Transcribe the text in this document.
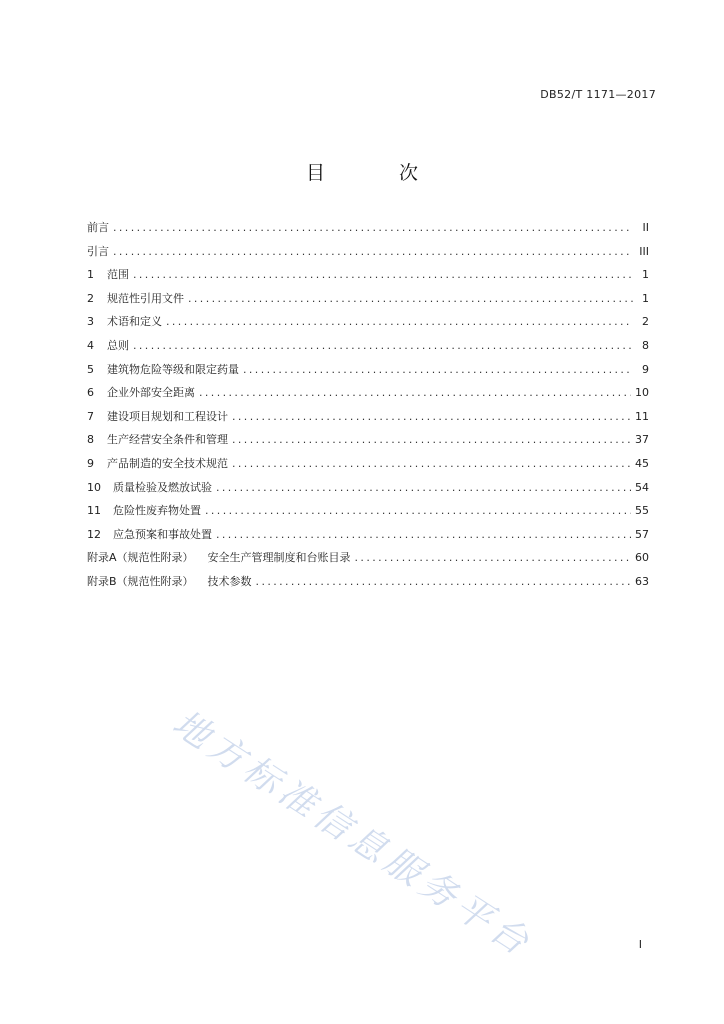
DB52/T 1171—2017
目 次
前言 .....	II
引言 .....	III
1	范围 .....	1
2	规范性引用文件 .....	1
3	术语和定义 .....	2
4	总则 .....	8
5	建筑物危险等级和限定药量 .....	9
6	企业外部安全距离 .....	10
7	建设项目规划和工程设计 .....	11
8	生产经营安全条件和管理 .....	37
9	产品制造的安全技术规范 .....	45
10	质量检验及燃放试验 .....	54
11	危险性废弃物处置 .....	55
12	应急预案和事故处置 .....	57
附录A（规范性附录）	安全生产管理制度和台账目录 .....	60
附录B（规范性附录）	技术参数 .....	63
地方标准信息服务平台	I
